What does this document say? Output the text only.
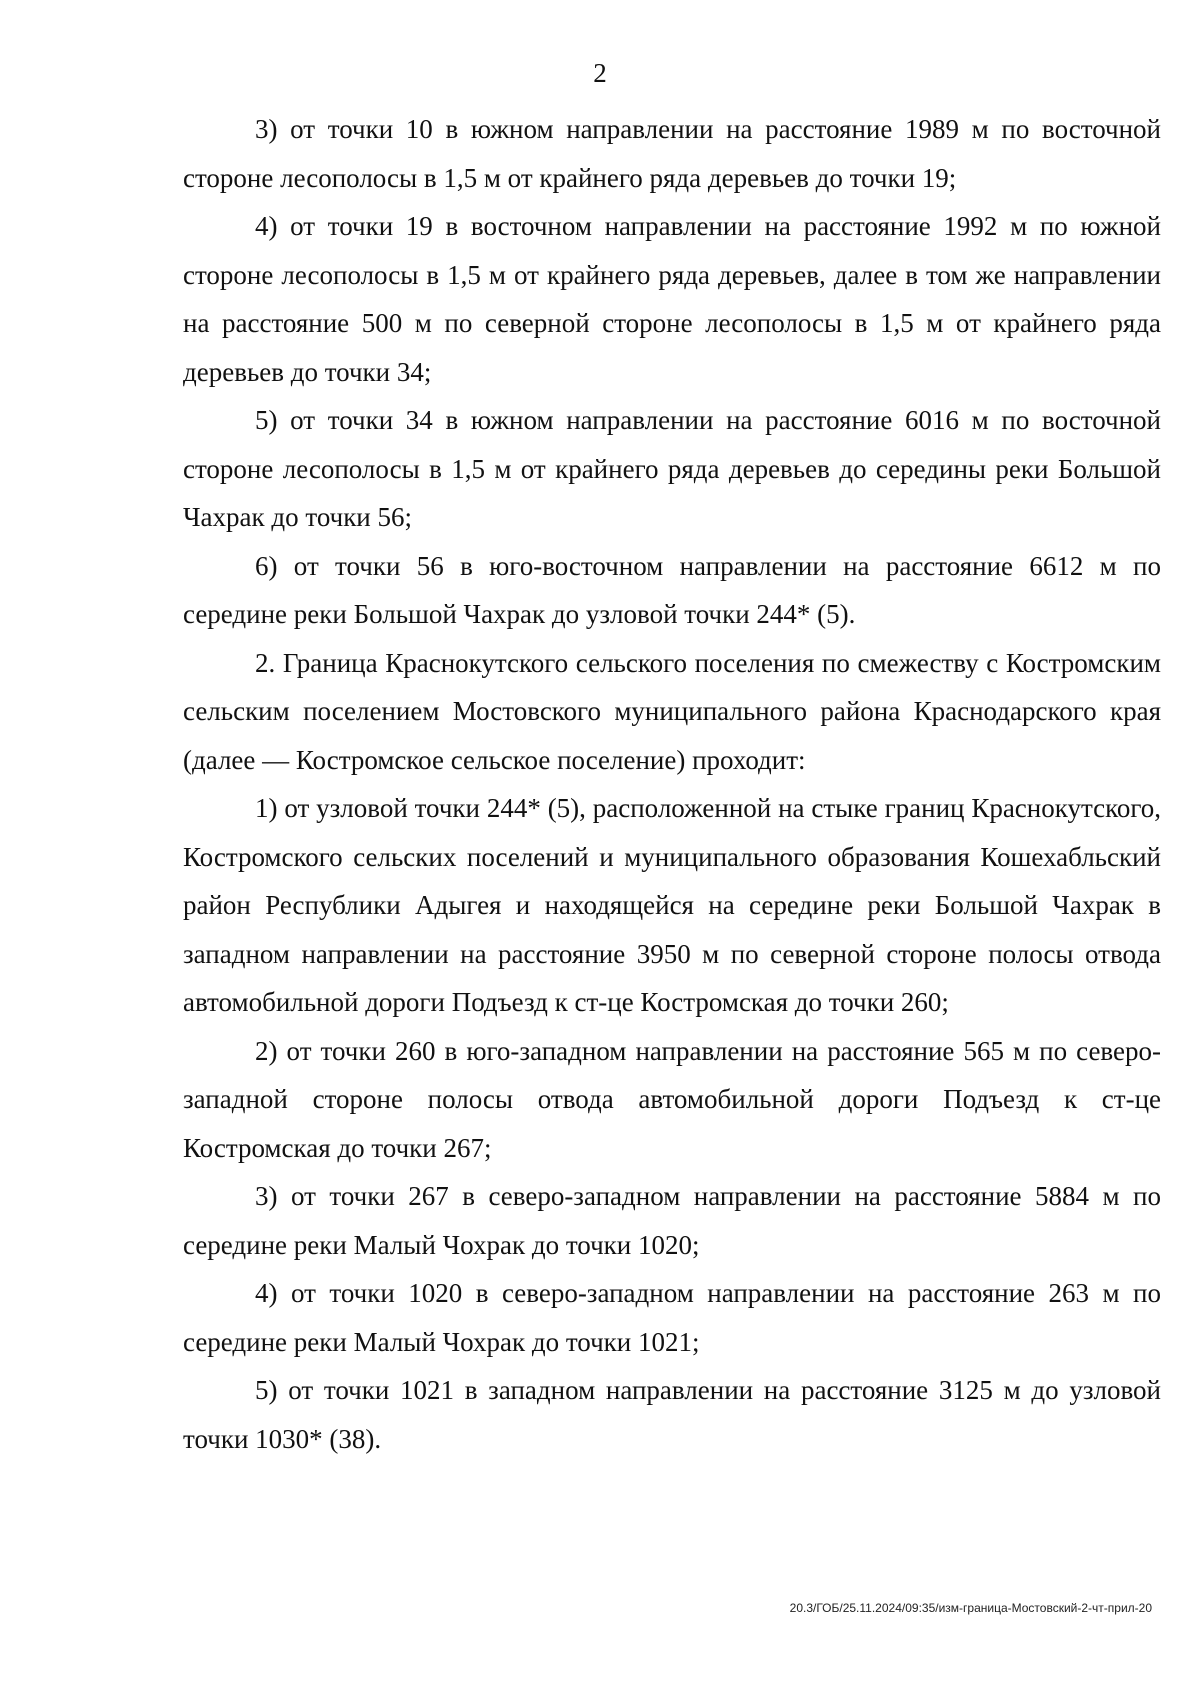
2

3) от точки 10 в южном направлении на расстояние 1989 м по восточной стороне лесополосы в 1,5 м от крайнего ряда деревьев до точки 19;

4) от точки 19 в восточном направлении на расстояние 1992 м по южной стороне лесополосы в 1,5 м от крайнего ряда деревьев, далее в том же направлении на расстояние 500 м по северной стороне лесополосы в 1,5 м от крайнего ряда деревьев до точки 34;

5) от точки 34 в южном направлении на расстояние 6016 м по восточной стороне лесополосы в 1,5 м от крайнего ряда деревьев до середины реки Большой Чахрак до точки 56;

6) от точки 56 в юго-восточном направлении на расстояние 6612 м по середине реки Большой Чахрак до узловой точки 244* (5).

2. Граница Краснокутского сельского поселения по смежеству с Костромским сельским поселением Мостовского муниципального района Краснодарского края (далее — Костромское сельское поселение) проходит:

1) от узловой точки 244* (5), расположенной на стыке границ Краснокутского, Костромского сельских поселений и муниципального образования Кошехабльский район Республики Адыгея и находящейся на середине реки Большой Чахрак в западном направлении на расстояние 3950 м по северной стороне полосы отвода автомобильной дороги Подъезд к ст-це Костромская до точки 260;

2) от точки 260 в юго-западном направлении на расстояние 565 м по северо-западной стороне полосы отвода автомобильной дороги Подъезд к ст-це Костромская до точки 267;

3) от точки 267 в северо-западном направлении на расстояние 5884 м по середине реки Малый Чохрак до точки 1020;

4) от точки 1020 в северо-западном направлении на расстояние 263 м по середине реки Малый Чохрак до точки 1021;

5) от точки 1021 в западном направлении на расстояние 3125 м до узловой точки 1030* (38).

20.3/ГОБ/25.11.2024/09:35/изм-граница-Мостовский-2-чт-прил-20
